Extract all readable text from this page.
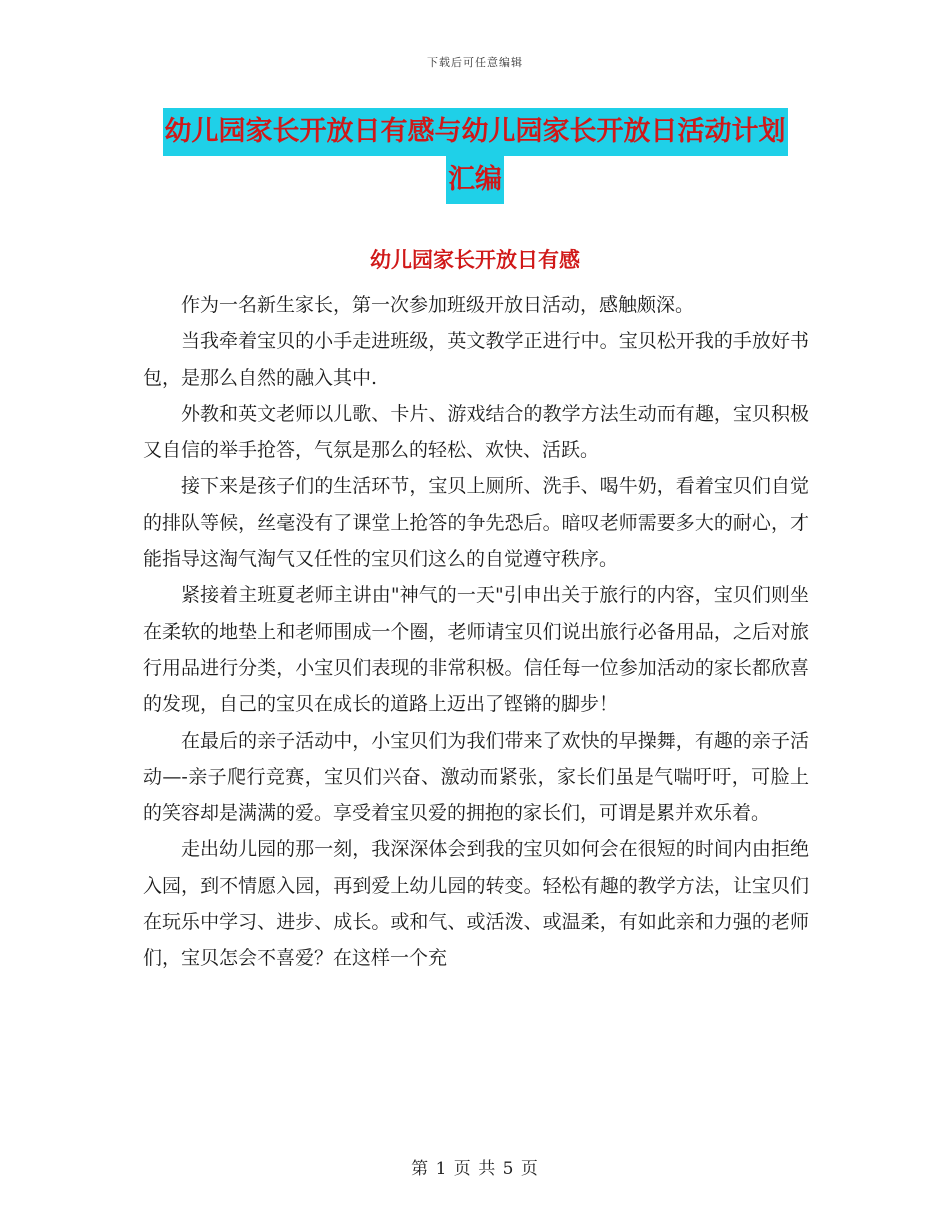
下载后可任意编辑
幼儿园家长开放日有感与幼儿园家长开放日活动计划
汇编
幼儿园家长开放日有感

作为一名新生家长，第一次参加班级开放日活动，感触颇深。

当我牵着宝贝的小手走进班级，英文教学正进行中。宝贝松开我的手放好书包，是那么自然的融入其中.

外教和英文老师以儿歌、卡片、游戏结合的教学方法生动而有趣，宝贝积极又自信的举手抢答，气氛是那么的轻松、欢快、活跃。

接下来是孩子们的生活环节，宝贝上厕所、洗手、喝牛奶，看着宝贝们自觉的排队等候，丝毫没有了课堂上抢答的争先恐后。暗叹老师需要多大的耐心，才能指导这淘气淘气又任性的宝贝们这么的自觉遵守秩序。

紧接着主班夏老师主讲由"神气的一天"引申出关于旅行的内容，宝贝们则坐在柔软的地垫上和老师围成一个圈，老师请宝贝们说出旅行必备用品，之后对旅行用品进行分类，小宝贝们表现的非常积极。信任每一位参加活动的家长都欣喜的发现，自己的宝贝在成长的道路上迈出了铿锵的脚步！

在最后的亲子活动中，小宝贝们为我们带来了欢快的早操舞，有趣的亲子活动—-亲子爬行竞赛，宝贝们兴奋、激动而紧张，家长们虽是气喘吁吁，可脸上的笑容却是满满的爱。享受着宝贝爱的拥抱的家长们，可谓是累并欢乐着。

走出幼儿园的那一刻，我深深体会到我的宝贝如何会在很短的时间内由拒绝入园，到不情愿入园，再到爱上幼儿园的转变。轻松有趣的教学方法，让宝贝们在玩乐中学习、进步、成长。或和气、或活泼、或温柔，有如此亲和力强的老师们，宝贝怎会不喜爱？在这样一个充

第 1 页 共 5 页
